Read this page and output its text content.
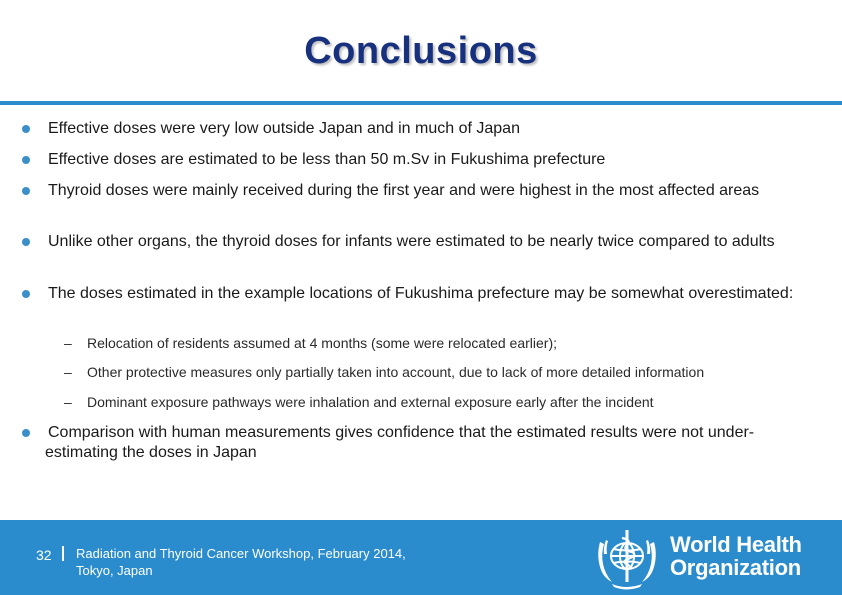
Conclusions
Effective doses were very low outside Japan and in much of Japan
Effective doses are estimated to be less than 50 m.Sv in Fukushima prefecture
Thyroid doses were mainly received during the first year and were highest in the most affected areas
Unlike other organs, the thyroid doses for infants were estimated to be nearly twice compared to adults
The doses estimated in the example locations of Fukushima prefecture may be somewhat overestimated:
–	Relocation of residents assumed at 4 months (some were relocated earlier);
–	Other protective measures only partially taken into account, due to lack of more detailed information
–	Dominant exposure pathways were inhalation and external exposure early after the incident
Comparison with human measurements gives confidence that the estimated results were not under-estimating the doses in Japan
32 Radiation and Thyroid Cancer Workshop, February 2014,
Tokyo, Japan
World Health
Organization
